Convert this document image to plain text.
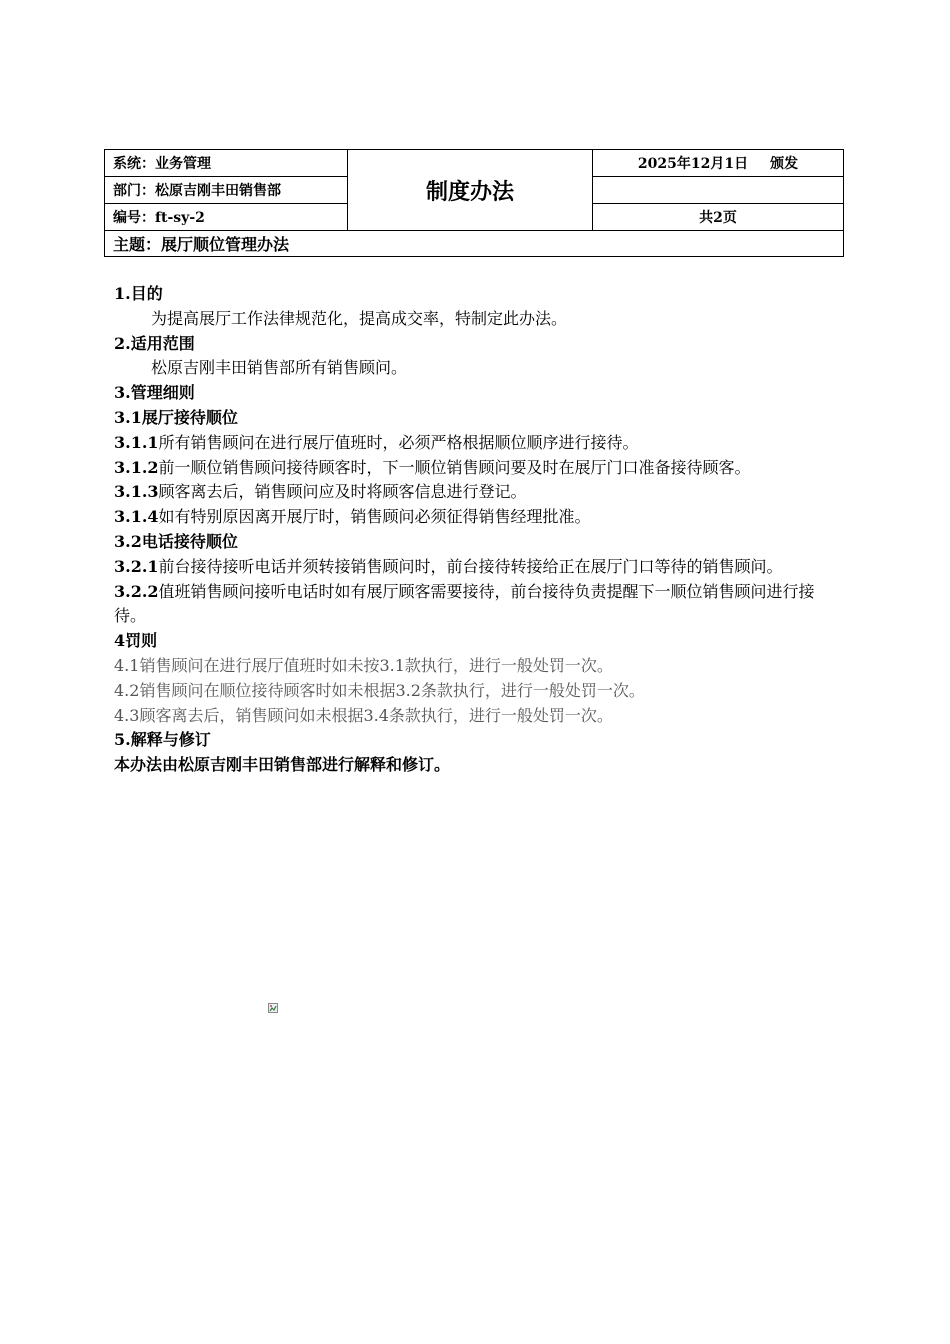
系统：业务管理	制度办法	2025年12月1日 颁发
部门：松原吉刚丰田销售部		
编号：ft-sy-2		共2页
主题：展厅顺位管理办法		

1.目的

为提高展厅工作法律规范化，提高成交率，特制定此办法。

2.适用范围

松原吉刚丰田销售部所有销售顾问。

3.管理细则

3.1展厅接待顺位

3.1.1所有销售顾问在进行展厅值班时，必须严格根据顺位顺序进行接待。

3.1.2前一顺位销售顾问接待顾客时，下一顺位销售顾问要及时在展厅门口准备接待顾客。

3.1.3顾客离去后，销售顾问应及时将顾客信息进行登记。

3.1.4如有特别原因离开展厅时，销售顾问必须征得销售经理批准。

3.2电话接待顺位

3.2.1前台接待接听电话并须转接销售顾问时，前台接待转接给正在展厅门口等待的销售顾问。

3.2.2值班销售顾问接听电话时如有展厅顾客需要接待，前台接待负责提醒下一顺位销售顾问进行接待。

4罚则

4.1销售顾问在进行展厅值班时如未按3.1款执行，进行一般处罚一次。

4.2销售顾问在顺位接待顾客时如未根据3.2条款执行，进行一般处罚一次。

4.3顾客离去后，销售顾问如未根据3.4条款执行，进行一般处罚一次。

5.解释与修订

本办法由松原吉刚丰田销售部进行解释和修订。
